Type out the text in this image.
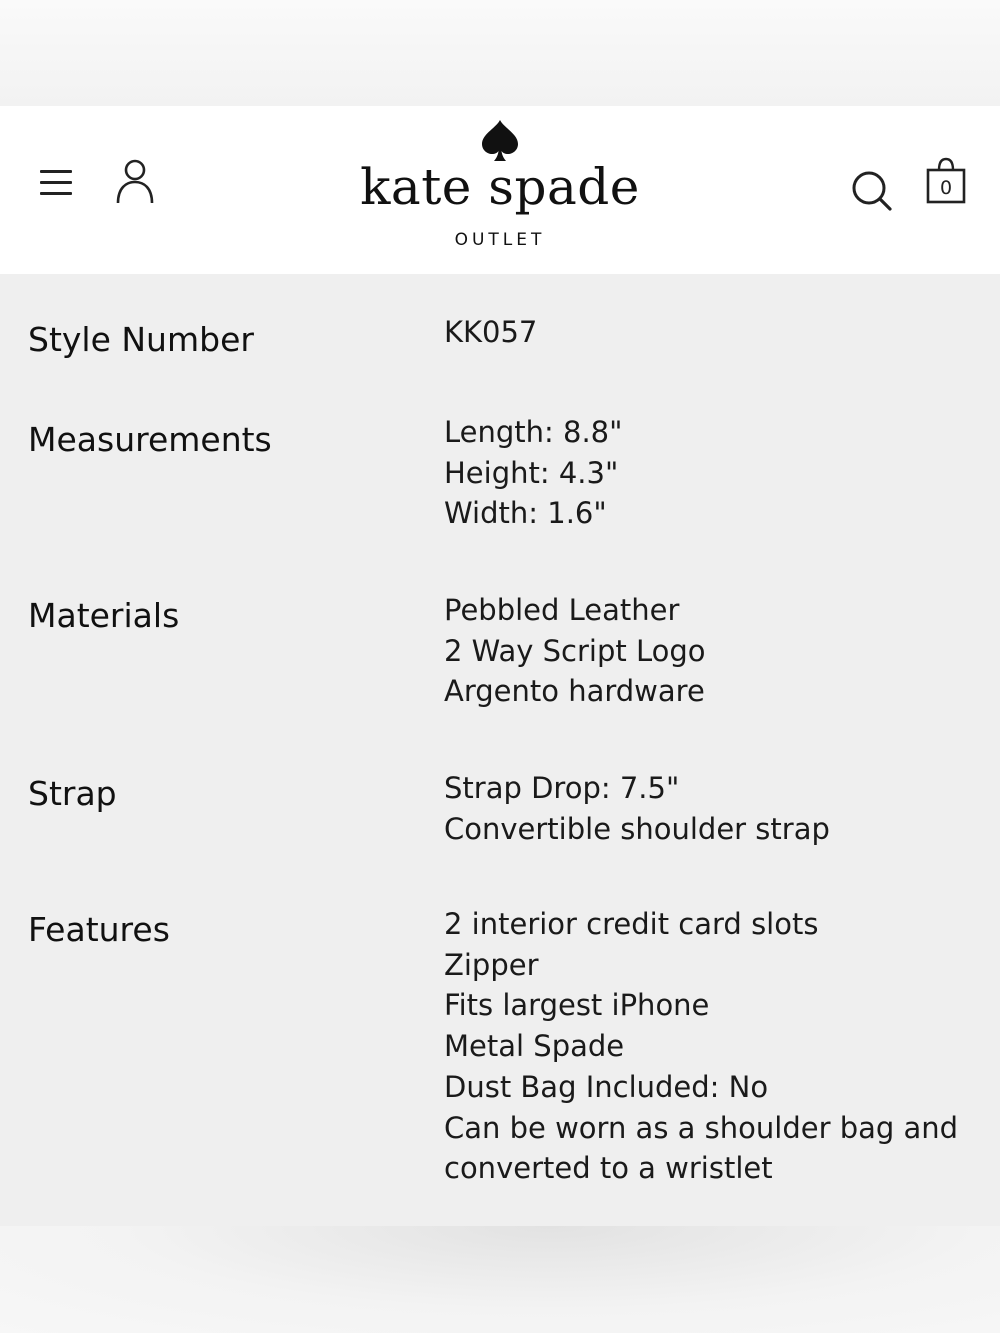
kate spade
OUTLET
0
Style Number	KK057
Measurements	Length: 8.8"
Height: 4.3"
Width: 1.6"
Materials	Pebbled Leather
2 Way Script Logo
Argento hardware
Strap	Strap Drop: 7.5"
Convertible shoulder strap
Features	2 interior credit card slots
Zipper
Fits largest iPhone
Metal Spade
Dust Bag Included: No
Can be worn as a shoulder bag and
converted to a wristlet
